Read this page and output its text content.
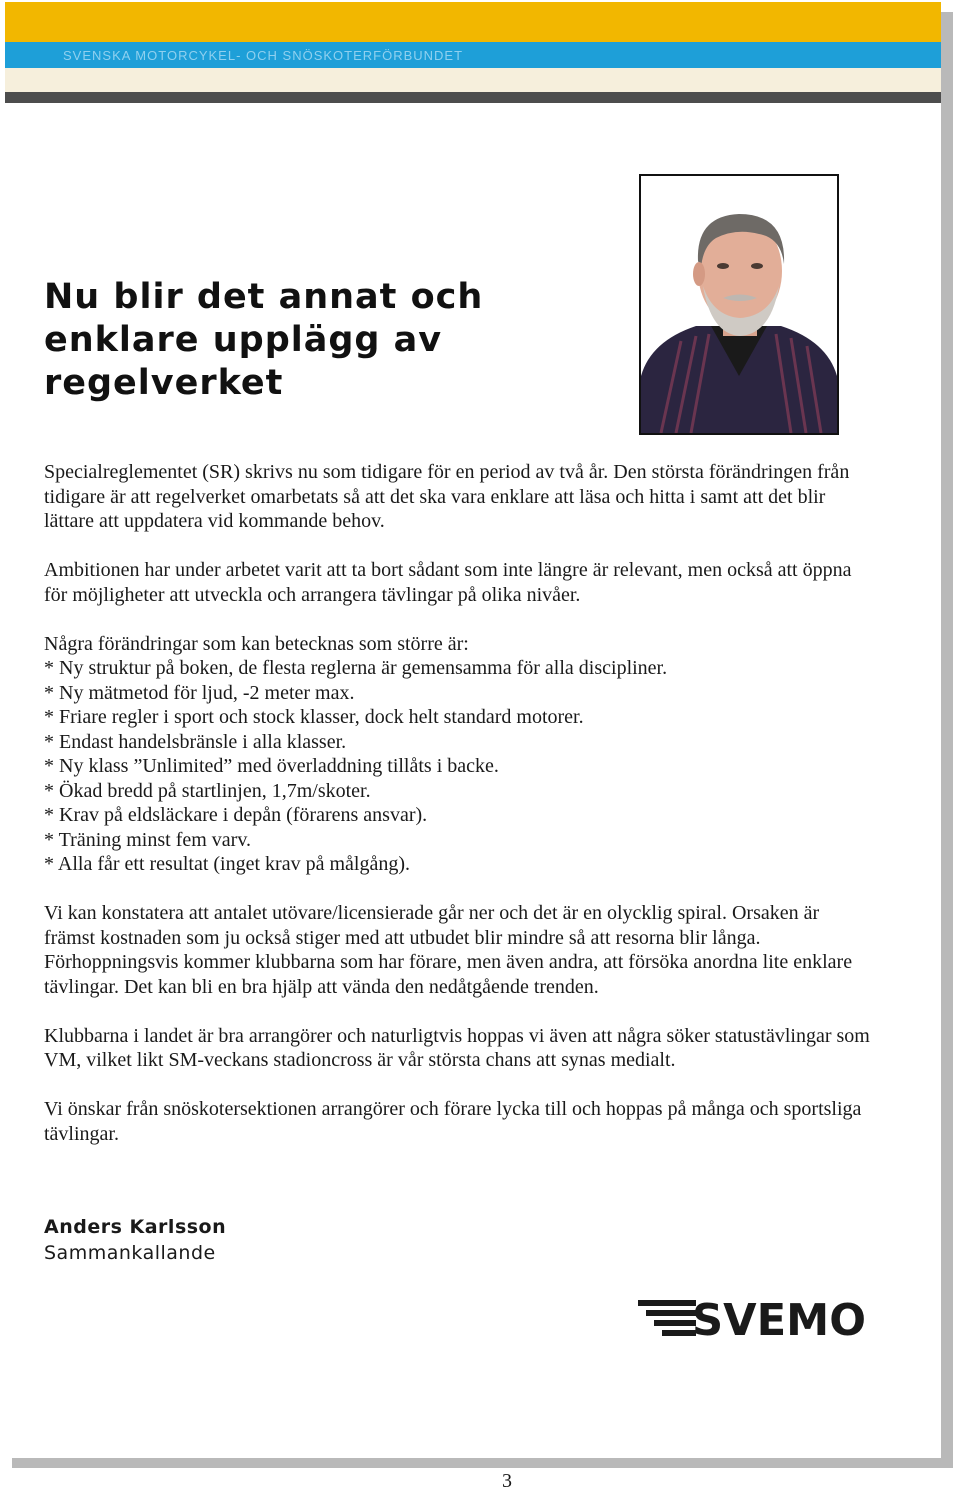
SVENSKA MOTORCYKEL- OCH SNÖSKOTERFÖRBUNDET
Nu blir det annat och enklare upplägg av regelverket

Specialreglementet (SR) skrivs nu som tidigare för en period av två år. Den största förändringen från tidigare är att regelverket omarbetats så att det ska vara enklare att läsa och hitta i samt att det blir lättare att uppdatera vid kommande behov.

Ambitionen har under arbetet varit att ta bort sådant som inte längre är relevant, men också att öppna för möjligheter att utveckla och arrangera tävlingar på olika nivåer.

Några förändringar som kan betecknas som större är:

* Ny struktur på boken, de flesta reglerna är gemensamma för alla discipliner.

* Ny mätmetod för ljud, -2 meter max.

* Friare regler i sport och stock klasser, dock helt standard motorer.

* Endast handelsbränsle i alla klasser.

* Ny klass ”Unlimited” med överladdning tillåts i backe.

* Ökad bredd på startlinjen, 1,7m/skoter.

* Krav på eldsläckare i depån (förarens ansvar).

* Träning minst fem varv.

* Alla får ett resultat (inget krav på målgång).

Vi kan konstatera att antalet utövare/licensierade går ner och det är en olycklig spiral. Orsaken är främst kostnaden som ju också stiger med att utbudet blir mindre så att resorna blir långa.

Förhoppningsvis kommer klubbarna som har förare, men även andra, att försöka anordna lite enklare tävlingar. Det kan bli en bra hjälp att vända den nedåtgående trenden.

Klubbarna i landet är bra arrangörer och naturligtvis hoppas vi även att några söker statustävlingar som VM, vilket likt SM-veckans stadioncross är vår största chans att synas medialt.

Vi önskar från snöskotersektionen arrangörer och förare lycka till och hoppas på många och sportsliga tävlingar.

Anders Karlsson
Sammankallande
SVEMO
3
